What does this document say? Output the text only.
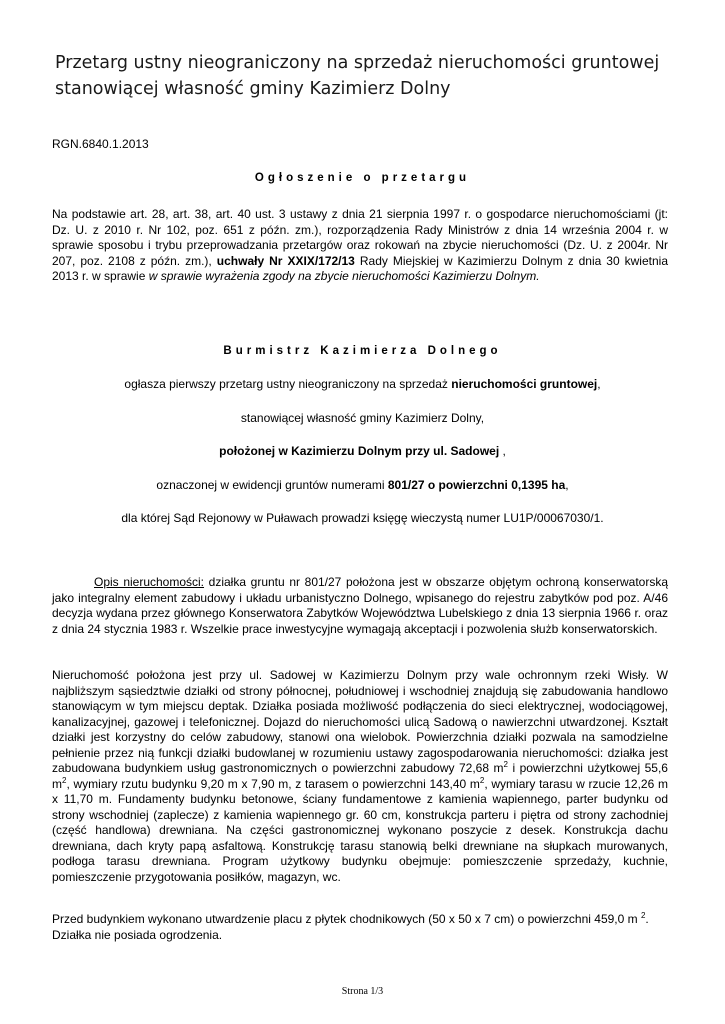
Przetarg ustny nieograniczony na sprzedaż nieruchomości gruntowej
stanowiącej własność gminy Kazimierz Dolny
RGN.6840.1.2013
Ogłoszenie o przetargu
Na podstawie art. 28, art. 38, art. 40 ust. 3 ustawy z dnia 21 sierpnia 1997 r. o gospodarce nieruchomościami (jt: Dz. U. z 2010 r. Nr 102, poz. 651 z późn. zm.), rozporządzenia Rady Ministrów z dnia 14 września 2004 r. w sprawie sposobu i trybu przeprowadzania przetargów oraz rokowań na zbycie nieruchomości (Dz. U. z 2004r. Nr 207, poz. 2108 z późn. zm.), uchwały Nr XXIX/172/13 Rady Miejskiej w Kazimierzu Dolnym z dnia 30 kwietnia 2013 r. w sprawie w sprawie wyrażenia zgody na zbycie nieruchomości Kazimierzu Dolnym.
Burmistrz Kazimierza Dolnego
ogłasza pierwszy przetarg ustny nieograniczony na sprzedaż nieruchomości gruntowej,
stanowiącej własność gminy Kazimierz Dolny,
położonej w Kazimierzu Dolnym przy ul. Sadowej ,
oznaczonej w ewidencji gruntów numerami 801/27 o powierzchni 0,1395 ha,
dla której Sąd Rejonowy w Puławach prowadzi księgę wieczystą numer LU1P/00067030/1.
Opis nieruchomości: działka gruntu nr 801/27 położona jest w obszarze objętym ochroną konserwatorską jako integralny element zabudowy i układu urbanistyczno Dolnego, wpisanego do rejestru zabytków pod poz. A/46 decyzja wydana przez głównego Konserwatora Zabytków Województwa Lubelskiego z dnia 13 sierpnia 1966 r. oraz z dnia 24 stycznia 1983 r. Wszelkie prace inwestycyjne wymagają akceptacji i pozwolenia służb konserwatorskich.
Nieruchomość położona jest przy ul. Sadowej w Kazimierzu Dolnym przy wale ochronnym rzeki Wisły. W najbliższym sąsiedztwie działki od strony północnej, południowej i wschodniej znajdują się zabudowania handlowo stanowiącym w tym miejscu deptak. Działka posiada możliwość podłączenia do sieci elektrycznej, wodociągowej, kanalizacyjnej, gazowej i telefonicznej. Dojazd do nieruchomości ulicą Sadową o nawierzchni utwardzonej. Kształt działki jest korzystny do celów zabudowy, stanowi ona wielobok. Powierzchnia działki pozwala na samodzielne pełnienie przez nią funkcji działki budowlanej w rozumieniu ustawy zagospodarowania nieruchomości: działka jest zabudowana budynkiem usług gastronomicznych o powierzchni zabudowy 72,68 $m^2$ i powierzchni użytkowej 55,6 $m^2$, wymiary rzutu budynku 9,20 m x 7,90 m, z tarasem o powierzchni 143,40 $m^2$, wymiary tarasu w rzucie 12,26 m x 11,70 m. Fundamenty budynku betonowe, ściany fundamentowe z kamienia wapiennego, parter budynku od strony wschodniej (zaplecze) z kamienia wapiennego gr. 60 cm, konstrukcja parteru i piętra od strony zachodniej (część handlowa) drewniana. Na części gastronomicznej wykonano poszycie z desek. Konstrukcja dachu drewniana, dach kryty papą asfaltową. Konstrukcję tarasu stanowią belki drewniane na słupkach murowanych, podłoga tarasu drewniana. Program użytkowy budynku obejmuje: pomieszczenie sprzedaży, kuchnie, pomieszczenie przygotowania posiłków, magazyn, wc.
Przed budynkiem wykonano utwardzenie placu z płytek chodnikowych (50 x 50 x 7 cm) o powierzchni 459,0 m $^2$.
Działka nie posiada ogrodzenia.
Strona 1/3
